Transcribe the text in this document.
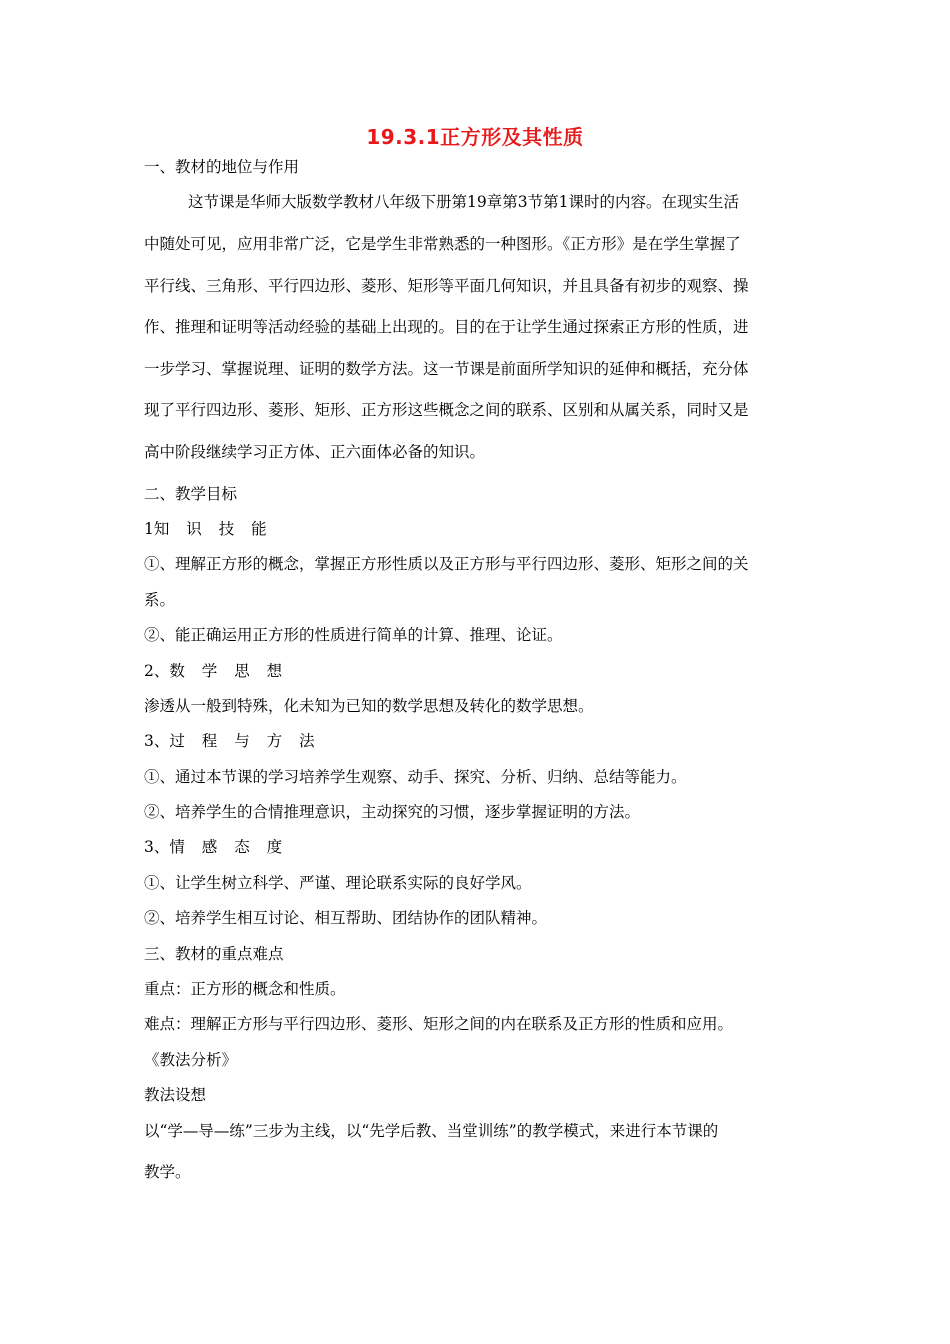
19.3.1正方形及其性质
一、教材的地位与作用
这节课是华师大版数学教材八年级下册第19章第3节第1课时的内容。在现实生活
中随处可见，应用非常广泛，它是学生非常熟悉的一种图形。《正方形》是在学生掌握了
平行线、三角形、平行四边形、菱形、矩形等平面几何知识，并且具备有初步的观察、操
作、推理和证明等活动经验的基础上出现的。目的在于让学生通过探索正方形的性质，进
一步学习、掌握说理、证明的数学方法。这一节课是前面所学知识的延伸和概括，充分体
现了平行四边形、菱形、矩形、正方形这些概念之间的联系、区别和从属关系，同时又是
高中阶段继续学习正方体、正六面体必备的知识。
二、教学目标
1知 识 技 能
①、理解正方形的概念，掌握正方形性质以及正方形与平行四边形、菱形、矩形之间的关
系。
②、能正确运用正方形的性质进行简单的计算、推理、论证。
2、数 学 思 想
渗透从一般到特殊，化未知为已知的数学思想及转化的数学思想。
3、过 程 与 方 法
①、通过本节课的学习培养学生观察、动手、探究、分析、归纳、总结等能力。
②、培养学生的合情推理意识，主动探究的习惯，逐步掌握证明的方法。
3、情 感 态 度
①、让学生树立科学、严谨、理论联系实际的良好学风。
②、培养学生相互讨论、相互帮助、团结协作的团队精神。
三、教材的重点难点
重点：正方形的概念和性质。
难点：理解正方形与平行四边形、菱形、矩形之间的内在联系及正方形的性质和应用。
《教法分析》
教法设想
以“学—导—练”三步为主线，以“先学后教、当堂训练”的教学模式，来进行本节课的
教学。
